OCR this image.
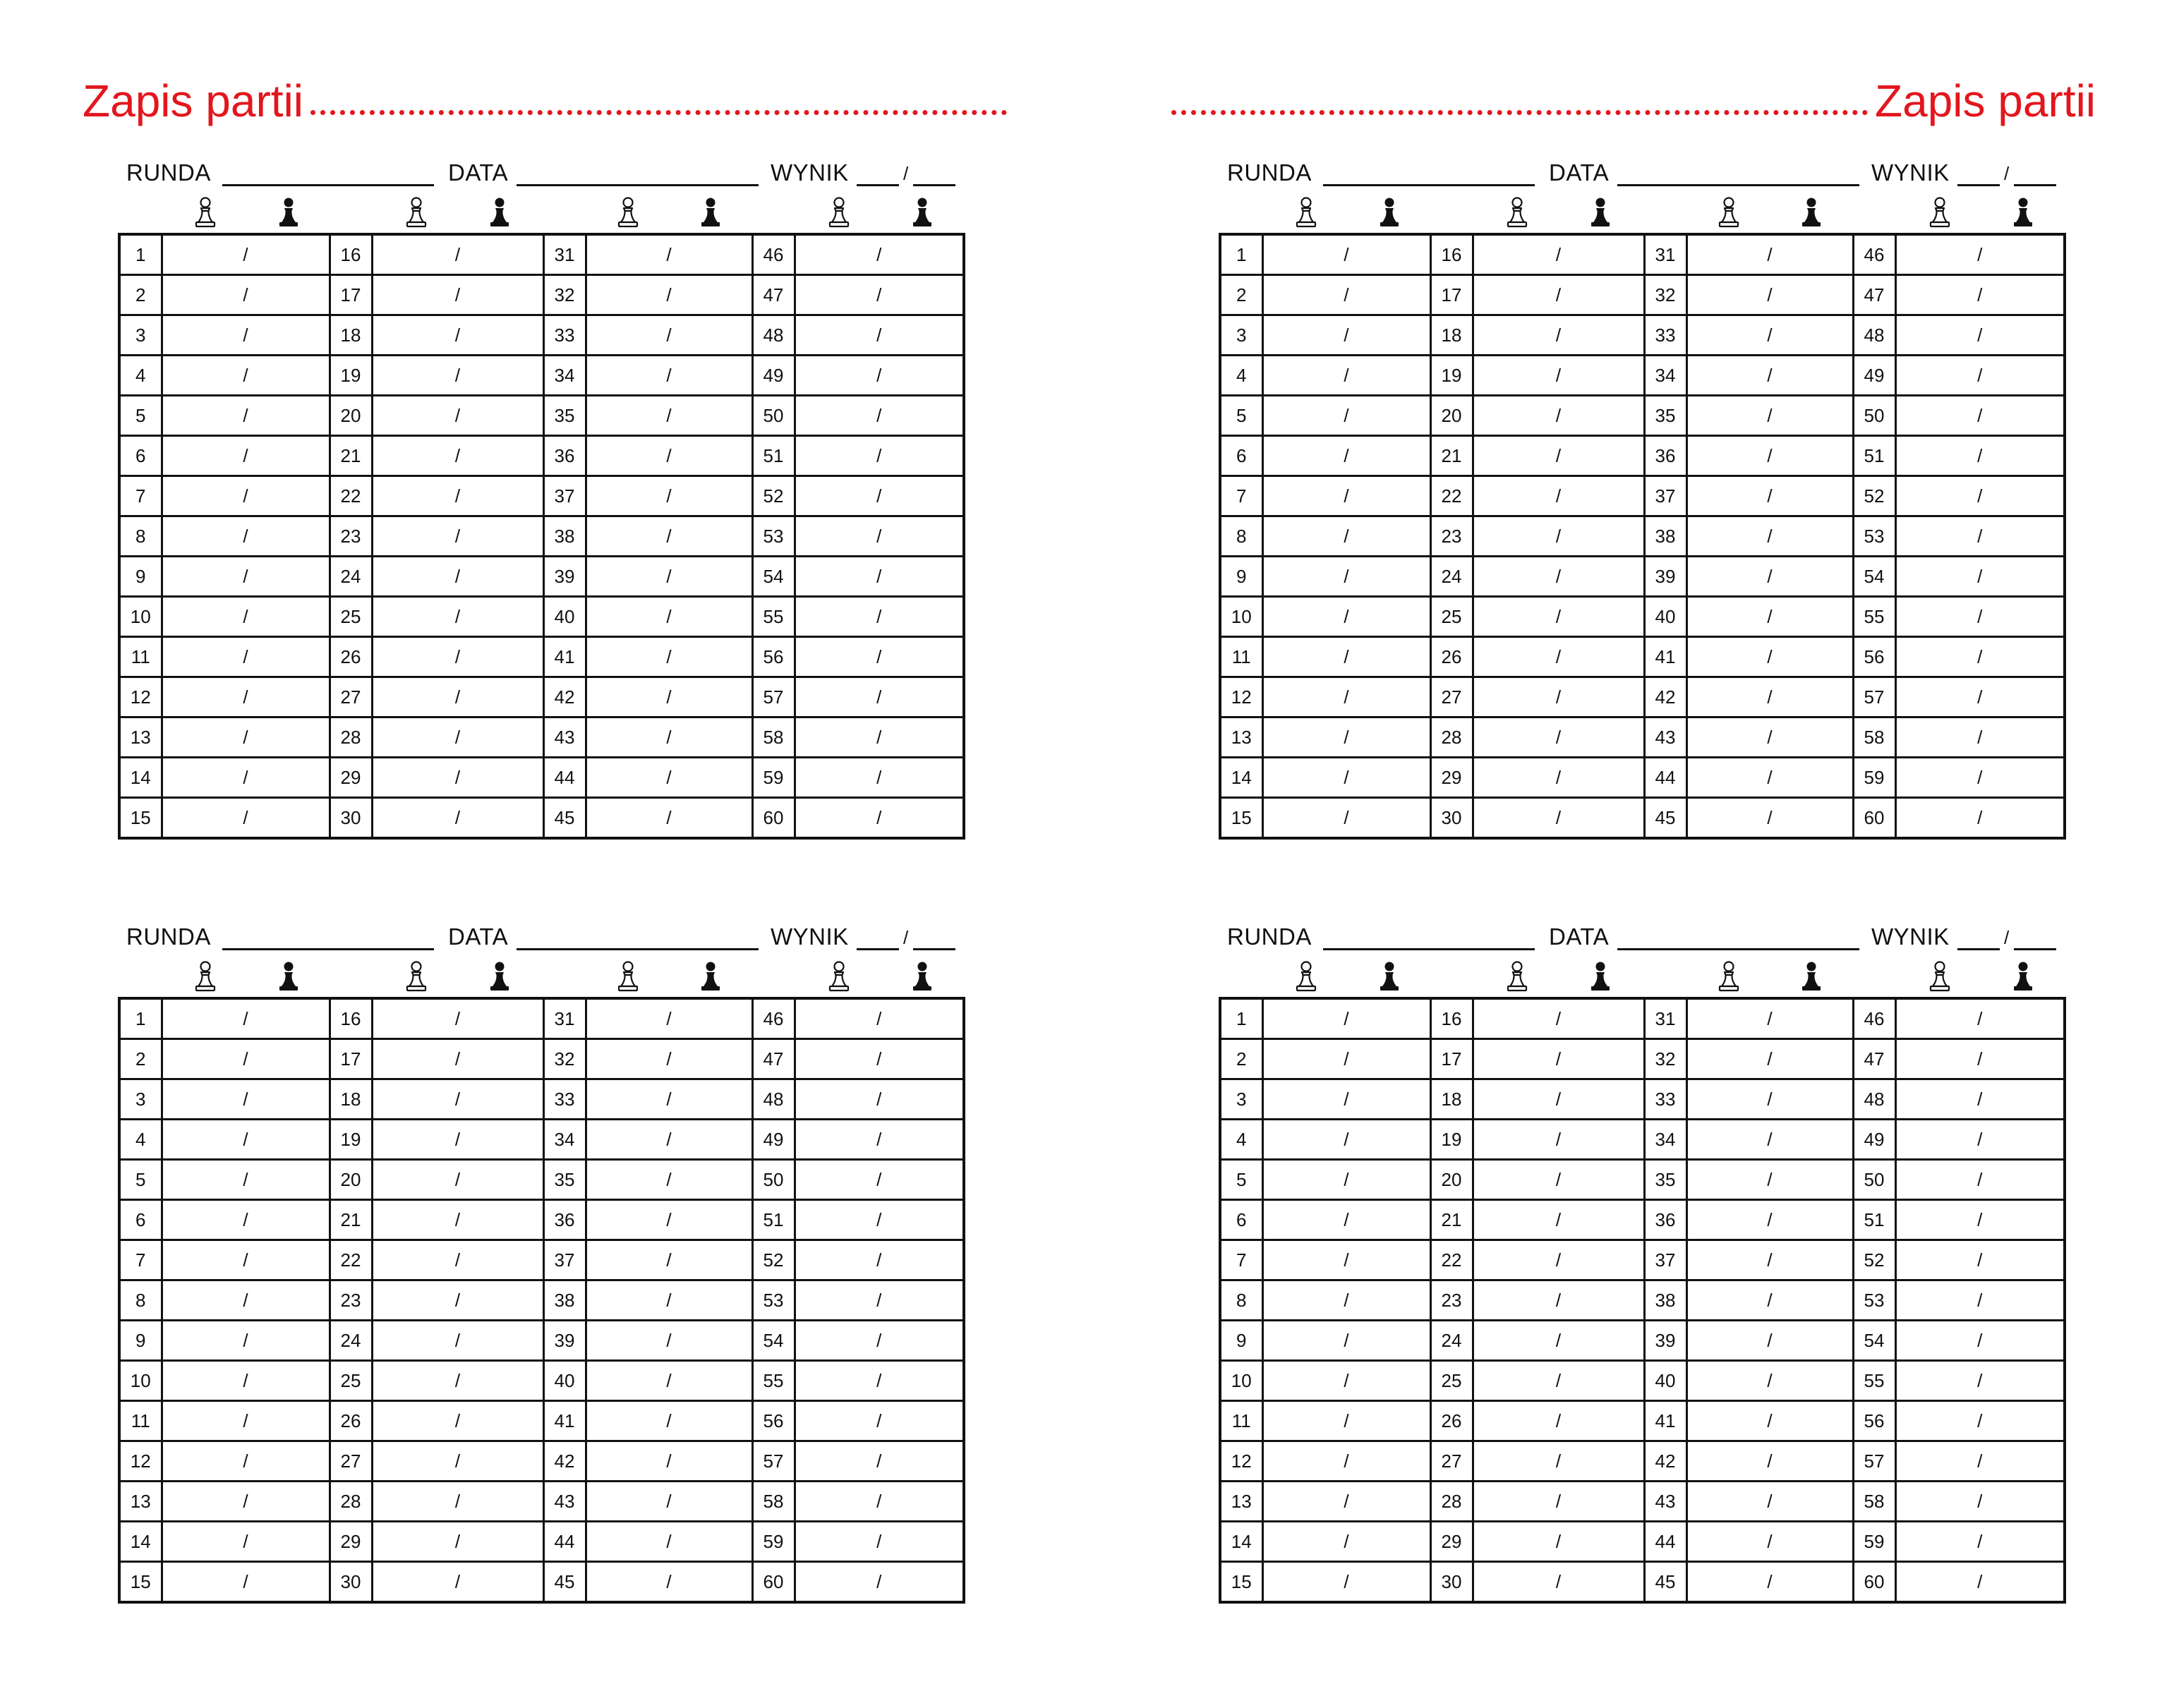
Zapis partii	Zapis partii
RUNDA	DATA	WYNIK	/
1	/	16	/	31	/	46	/
2	/	17	/	32	/	47	/
3	/	18	/	33	/	48	/
4	/	19	/	34	/	49	/
5	/	20	/	35	/	50	/
6	/	21	/	36	/	51	/
7	/	22	/	37	/	52	/
8	/	23	/	38	/	53	/
9	/	24	/	39	/	54	/
10	/	25	/	40	/	55	/
11	/	26	/	41	/	56	/
12	/	27	/	42	/	57	/
13	/	28	/	43	/	58	/
14	/	29	/	44	/	59	/
15	/	30	/	45	/	60	/
RUNDA	DATA	WYNIK	/
1	/	16	/	31	/	46	/
2	/	17	/	32	/	47	/
3	/	18	/	33	/	48	/
4	/	19	/	34	/	49	/
5	/	20	/	35	/	50	/
6	/	21	/	36	/	51	/
7	/	22	/	37	/	52	/
8	/	23	/	38	/	53	/
9	/	24	/	39	/	54	/
10	/	25	/	40	/	55	/
11	/	26	/	41	/	56	/
12	/	27	/	42	/	57	/
13	/	28	/	43	/	58	/
14	/	29	/	44	/	59	/
15	/	30	/	45	/	60	/
RUNDA	DATA	WYNIK	/
1	/	16	/	31	/	46	/
2	/	17	/	32	/	47	/
3	/	18	/	33	/	48	/
4	/	19	/	34	/	49	/
5	/	20	/	35	/	50	/
6	/	21	/	36	/	51	/
7	/	22	/	37	/	52	/
8	/	23	/	38	/	53	/
9	/	24	/	39	/	54	/
10	/	25	/	40	/	55	/
11	/	26	/	41	/	56	/
12	/	27	/	42	/	57	/
13	/	28	/	43	/	58	/
14	/	29	/	44	/	59	/
15	/	30	/	45	/	60	/
RUNDA	DATA	WYNIK	/
1	/	16	/	31	/	46	/
2	/	17	/	32	/	47	/
3	/	18	/	33	/	48	/
4	/	19	/	34	/	49	/
5	/	20	/	35	/	50	/
6	/	21	/	36	/	51	/
7	/	22	/	37	/	52	/
8	/	23	/	38	/	53	/
9	/	24	/	39	/	54	/
10	/	25	/	40	/	55	/
11	/	26	/	41	/	56	/
12	/	27	/	42	/	57	/
13	/	28	/	43	/	58	/
14	/	29	/	44	/	59	/
15	/	30	/	45	/	60	/
